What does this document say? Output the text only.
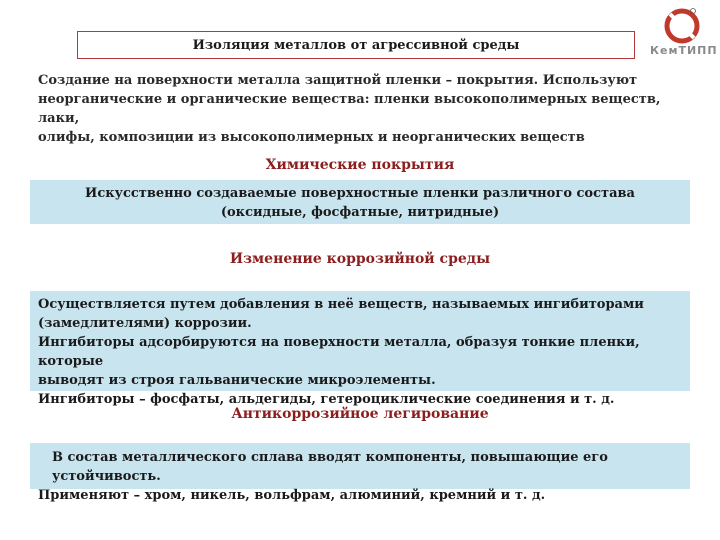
Изоляция металлов от агрессивной среды	КемТИПП
Создание на поверхности металла защитной пленки – покрытия. Используют
неорганические и органические вещества: пленки высокополимерных веществ, лаки,
олифы, композиции из высокополимерных и неорганических веществ
Химические покрытия
Искусственно создаваемые поверхностные пленки различного состава
(оксидные, фосфатные, нитридные)
Изменение коррозийной среды
Осуществляется путем добавления в неё веществ, называемых ингибиторами
(замедлителями) коррозии.
Ингибиторы адсорбируются на поверхности металла, образуя тонкие пленки, которые
выводят из строя гальванические микроэлементы.
Ингибиторы – фосфаты, альдегиды, гетероциклические соединения и т. д.
Антикоррозийное легирование
В состав металлического сплава вводят компоненты, повышающие его устойчивость.
Применяют – хром, никель, вольфрам, алюминий, кремний и т. д.
